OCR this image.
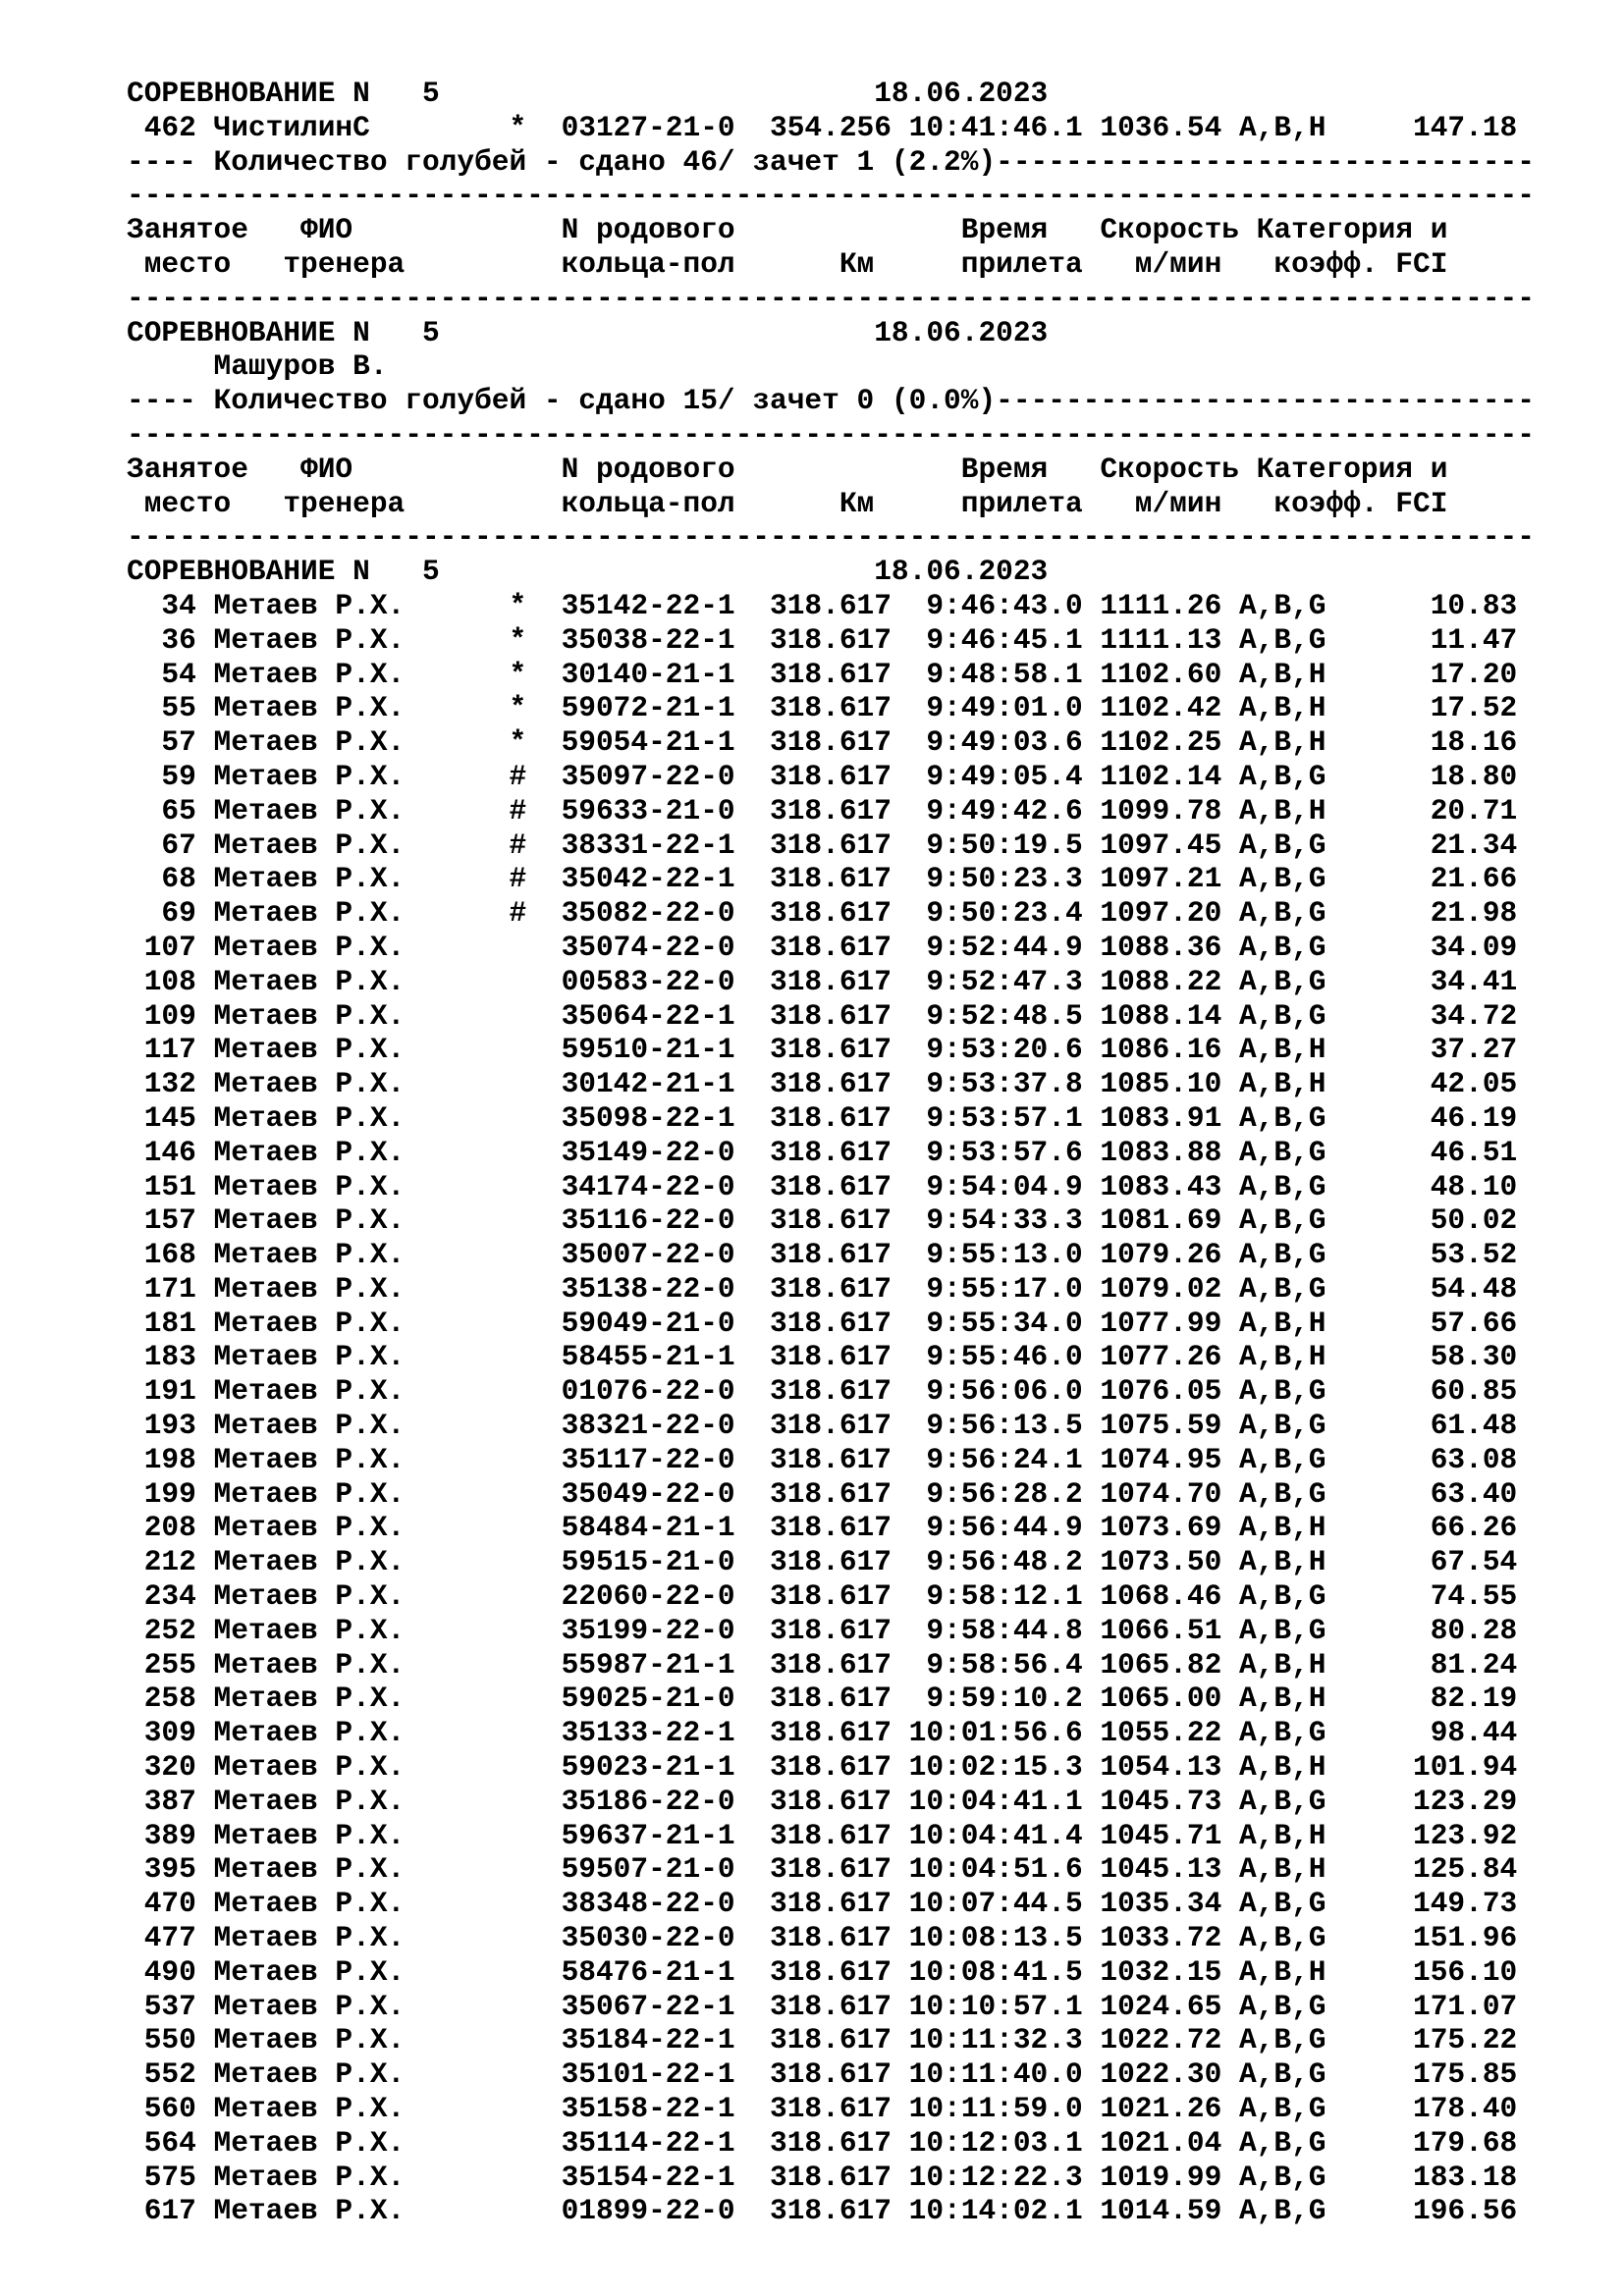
СОРЕВНОВАНИЕ N   5                         18.06.2023
462 ЧистилинС        *  03127-21-0  354.256 10:41:46.1 1036.54 A,B,H     147.18
---- Количество голубей - сдано 46/ зачет 1 (2.2%)-------------------------------
---------------------------------------------------------------------------------
Занятое   ФИО            N родового             Время   Скорость Категория и
место   тренера         кольца-пол      Км     прилета   м/мин   коэфф. FCI
---------------------------------------------------------------------------------
СОРЕВНОВАНИЕ N   5                         18.06.2023
Машуров В.
---- Количество голубей - сдано 15/ зачет 0 (0.0%)-------------------------------
---------------------------------------------------------------------------------
Занятое   ФИО            N родового             Время   Скорость Категория и
место   тренера         кольца-пол      Км     прилета   м/мин   коэфф. FCI
---------------------------------------------------------------------------------
СОРЕВНОВАНИЕ N   5                         18.06.2023
34 Метаев Р.Х.      *  35142-22-1  318.617  9:46:43.0 1111.26 A,B,G      10.83
36 Метаев Р.Х.      *  35038-22-1  318.617  9:46:45.1 1111.13 A,B,G      11.47
54 Метаев Р.Х.      *  30140-21-1  318.617  9:48:58.1 1102.60 A,B,H      17.20
55 Метаев Р.Х.      *  59072-21-1  318.617  9:49:01.0 1102.42 A,B,H      17.52
57 Метаев Р.Х.      *  59054-21-1  318.617  9:49:03.6 1102.25 A,B,H      18.16
59 Метаев Р.Х.      #  35097-22-0  318.617  9:49:05.4 1102.14 A,B,G      18.80
65 Метаев Р.Х.      #  59633-21-0  318.617  9:49:42.6 1099.78 A,B,H      20.71
67 Метаев Р.Х.      #  38331-22-1  318.617  9:50:19.5 1097.45 A,B,G      21.34
68 Метаев Р.Х.      #  35042-22-1  318.617  9:50:23.3 1097.21 A,B,G      21.66
69 Метаев Р.Х.      #  35082-22-0  318.617  9:50:23.4 1097.20 A,B,G      21.98
107 Метаев Р.Х.         35074-22-0  318.617  9:52:44.9 1088.36 A,B,G      34.09
108 Метаев Р.Х.         00583-22-0  318.617  9:52:47.3 1088.22 A,B,G      34.41
109 Метаев Р.Х.         35064-22-1  318.617  9:52:48.5 1088.14 A,B,G      34.72
117 Метаев Р.Х.         59510-21-1  318.617  9:53:20.6 1086.16 A,B,H      37.27
132 Метаев Р.Х.         30142-21-1  318.617  9:53:37.8 1085.10 A,B,H      42.05
145 Метаев Р.Х.         35098-22-1  318.617  9:53:57.1 1083.91 A,B,G      46.19
146 Метаев Р.Х.         35149-22-0  318.617  9:53:57.6 1083.88 A,B,G      46.51
151 Метаев Р.Х.         34174-22-0  318.617  9:54:04.9 1083.43 A,B,G      48.10
157 Метаев Р.Х.         35116-22-0  318.617  9:54:33.3 1081.69 A,B,G      50.02
168 Метаев Р.Х.         35007-22-0  318.617  9:55:13.0 1079.26 A,B,G      53.52
171 Метаев Р.Х.         35138-22-0  318.617  9:55:17.0 1079.02 A,B,G      54.48
181 Метаев Р.Х.         59049-21-0  318.617  9:55:34.0 1077.99 A,B,H      57.66
183 Метаев Р.Х.         58455-21-1  318.617  9:55:46.0 1077.26 A,B,H      58.30
191 Метаев Р.Х.         01076-22-0  318.617  9:56:06.0 1076.05 A,B,G      60.85
193 Метаев Р.Х.         38321-22-0  318.617  9:56:13.5 1075.59 A,B,G      61.48
198 Метаев Р.Х.         35117-22-0  318.617  9:56:24.1 1074.95 A,B,G      63.08
199 Метаев Р.Х.         35049-22-0  318.617  9:56:28.2 1074.70 A,B,G      63.40
208 Метаев Р.Х.         58484-21-1  318.617  9:56:44.9 1073.69 A,B,H      66.26
212 Метаев Р.Х.         59515-21-0  318.617  9:56:48.2 1073.50 A,B,H      67.54
234 Метаев Р.Х.         22060-22-0  318.617  9:58:12.1 1068.46 A,B,G      74.55
252 Метаев Р.Х.         35199-22-0  318.617  9:58:44.8 1066.51 A,B,G      80.28
255 Метаев Р.Х.         55987-21-1  318.617  9:58:56.4 1065.82 A,B,H      81.24
258 Метаев Р.Х.         59025-21-0  318.617  9:59:10.2 1065.00 A,B,H      82.19
309 Метаев Р.Х.         35133-22-1  318.617 10:01:56.6 1055.22 A,B,G      98.44
320 Метаев Р.Х.         59023-21-1  318.617 10:02:15.3 1054.13 A,B,H     101.94
387 Метаев Р.Х.         35186-22-0  318.617 10:04:41.1 1045.73 A,B,G     123.29
389 Метаев Р.Х.         59637-21-1  318.617 10:04:41.4 1045.71 A,B,H     123.92
395 Метаев Р.Х.         59507-21-0  318.617 10:04:51.6 1045.13 A,B,H     125.84
470 Метаев Р.Х.         38348-22-0  318.617 10:07:44.5 1035.34 A,B,G     149.73
477 Метаев Р.Х.         35030-22-0  318.617 10:08:13.5 1033.72 A,B,G     151.96
490 Метаев Р.Х.         58476-21-1  318.617 10:08:41.5 1032.15 A,B,H     156.10
537 Метаев Р.Х.         35067-22-1  318.617 10:10:57.1 1024.65 A,B,G     171.07
550 Метаев Р.Х.         35184-22-1  318.617 10:11:32.3 1022.72 A,B,G     175.22
552 Метаев Р.Х.         35101-22-1  318.617 10:11:40.0 1022.30 A,B,G     175.85
560 Метаев Р.Х.         35158-22-1  318.617 10:11:59.0 1021.26 A,B,G     178.40
564 Метаев Р.Х.         35114-22-1  318.617 10:12:03.1 1021.04 A,B,G     179.68
575 Метаев Р.Х.         35154-22-1  318.617 10:12:22.3 1019.99 A,B,G     183.18
617 Метаев Р.Х.         01899-22-0  318.617 10:14:02.1 1014.59 A,B,G     196.56
